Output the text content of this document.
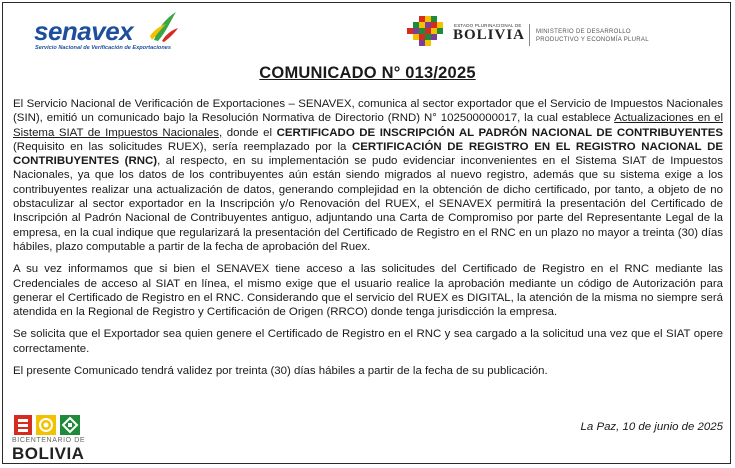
senavex
Servicio Nacional de Verificación de Exportaciones
ESTADO PLURINACIONAL DE
BOLIVIA MINISTERIO DE DESARROLLO
PRODUCTIVO Y ECONOMÍA PLURAL
COMUNICADO N° 013/2025

El Servicio Nacional de Verificación de Exportaciones – SENAVEX, comunica al sector exportador que el Servicio de Impuestos Nacionales (SIN), emitió un comunicado bajo la Resolución Normativa de Directorio (RND) N° 102500000017, la cual establece Actualizaciones en el Sistema SIAT de Impuestos Nacionales, donde el CERTIFICADO DE INSCRIPCIÓN AL PADRÓN NACIONAL DE CONTRIBUYENTES (Requisito en las solicitudes RUEX), sería reemplazado por la CERTIFICACIÓN DE REGISTRO EN EL REGISTRO NACIONAL DE CONTRIBUYENTES (RNC), al respecto, en su implementación se pudo evidenciar inconvenientes en el Sistema SIAT de Impuestos Nacionales, ya que los datos de los contribuyentes aún están siendo migrados al nuevo registro, además que su sistema exige a los contribuyentes realizar una actualización de datos, generando complejidad en la obtención de dicho certificado, por tanto, a objeto de no obstaculizar al sector exportador en la Inscripción y/o Renovación del RUEX, el SENAVEX permitirá la presentación del Certificado de Inscripción al Padrón Nacional de Contribuyentes antiguo, adjuntando una Carta de Compromiso por parte del Representante Legal de la empresa, en la cual indique que regularizará la presentación del Certificado de Registro en el RNC en un plazo no mayor a treinta (30) días hábiles, plazo computable a partir de la fecha de aprobación del Ruex.

A su vez informamos que si bien el SENAVEX tiene acceso a las solicitudes del Certificado de Registro en el RNC mediante las Credenciales de acceso al SIAT en línea, el mismo exige que el usuario realice la aprobación mediante un código de Autorización para generar el Certificado de Registro en el RNC. Considerando que el servicio del RUEX es DIGITAL, la atención de la misma no siempre será atendida en la Regional de Registro y Certificación de Origen (RRCO) donde tenga jurisdicción la empresa.

Se solicita que el Exportador sea quien genere el Certificado de Registro en el RNC y sea cargado a la solicitud una vez que el SIAT opere correctamente.

El presente Comunicado tendrá validez por treinta (30) días hábiles a partir de la fecha de su publicación.

La Paz, 10 de junio de 2025
BICENTENARIO DE
BOLIVIA
